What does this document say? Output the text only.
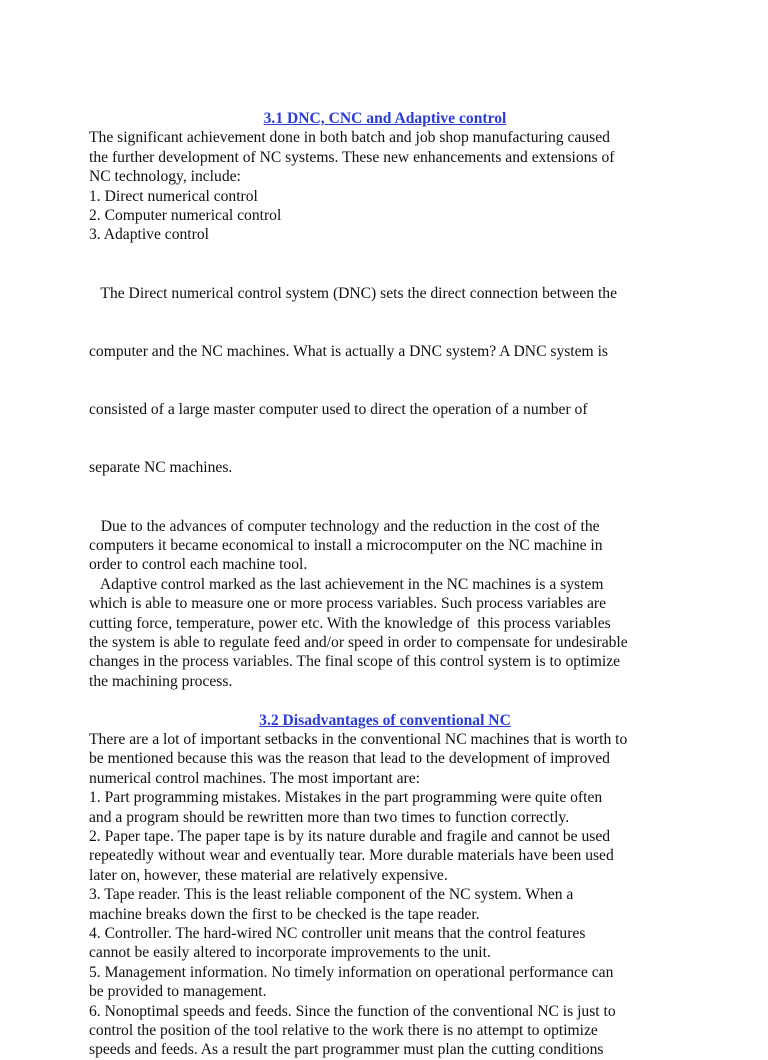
3.1 DNC, CNC and Adaptive control

The significant achievement done in both batch and job shop manufacturing caused
the further development of NC systems. These new enhancements and extensions of
NC technology, include:

1. Direct numerical control
2. Computer numerical control
3. Adaptive control

The Direct numerical control system (DNC) sets the direct connection between the

computer and the NC machines. What is actually a DNC system? A DNC system is

consisted of a large master computer used to direct the operation of a number of

separate NC machines.

Due to the advances of computer technology and the reduction in the cost of the
computers it became economical to install a microcomputer on the NC machine in
order to control each machine tool.

Adaptive control marked as the last achievement in the NC machines is a system
which is able to measure one or more process variables. Such process variables are
cutting force, temperature, power etc. With the knowledge of  this process variables
the system is able to regulate feed and/or speed in order to compensate for undesirable
changes in the process variables. The final scope of this control system is to optimize
the machining process.

3.2 Disadvantages of conventional NC

There are a lot of important setbacks in the conventional NC machines that is worth to
be mentioned because this was the reason that lead to the development of improved
numerical control machines. The most important are:

1. Part programming mistakes. Mistakes in the part programming were quite often
and a program should be rewritten more than two times to function correctly.

2. Paper tape. The paper tape is by its nature durable and fragile and cannot be used
repeatedly without wear and eventually tear. More durable materials have been used
later on, however, these material are relatively expensive.

3. Tape reader. This is the least reliable component of the NC system. When a
machine breaks down the first to be checked is the tape reader.

4. Controller. The hard-wired NC controller unit means that the control features
cannot be easily altered to incorporate improvements to the unit.

5. Management information. No timely information on operational performance can
be provided to management.

6. Nonoptimal speeds and feeds. Since the function of the conventional NC is just to
control the position of the tool relative to the work there is no attempt to optimize
speeds and feeds. As a result the part programmer must plan the cutting conditions
